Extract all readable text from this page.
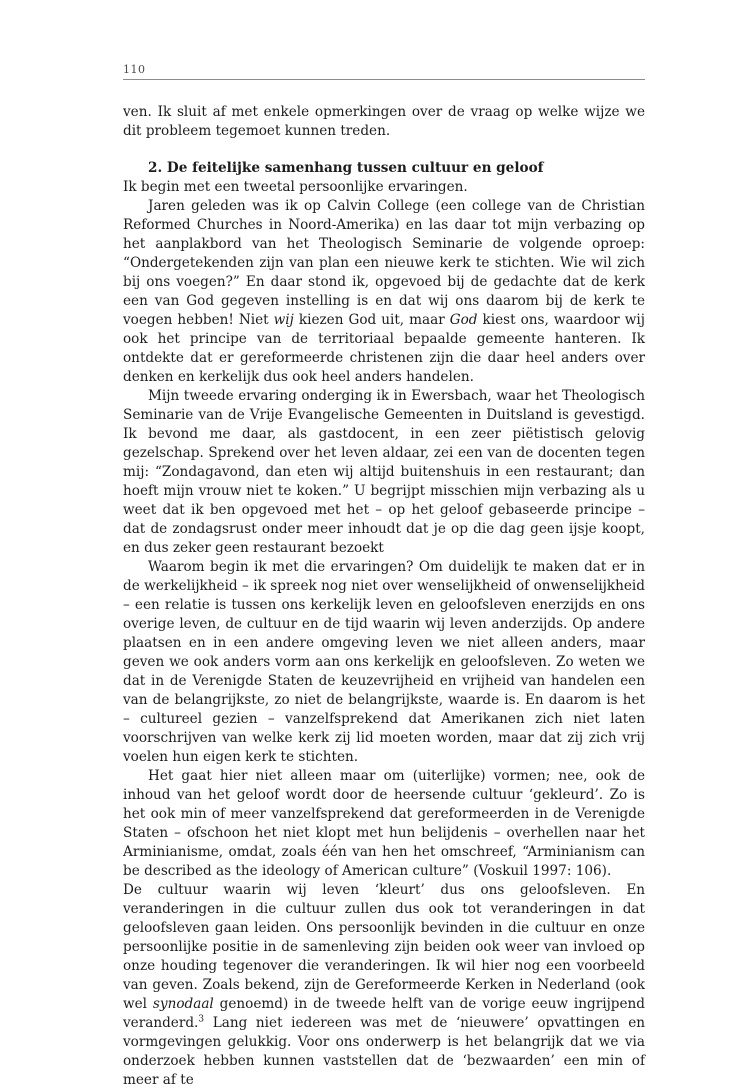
110

ven. Ik sluit af met enkele opmerkingen over de vraag op welke wijze we dit probleem tegemoet kunnen treden.

2. De feitelijke samenhang tussen cultuur en geloof

Ik begin met een tweetal persoonlijke ervaringen.

Jaren geleden was ik op Calvin College (een college van de Christian Reformed Churches in Noord-Amerika) en las daar tot mijn verbazing op het aanplakbord van het Theologisch Seminarie de volgende oproep: “Ondergetekenden zijn van plan een nieuwe kerk te stichten. Wie wil zich bij ons voegen?” En daar stond ik, opgevoed bij de gedachte dat de kerk een van God gegeven instelling is en dat wij ons daarom bij de kerk te voegen hebben! Niet wij kiezen God uit, maar God kiest ons, waardoor wij ook het principe van de territoriaal bepaalde gemeente hanteren. Ik ontdekte dat er gereformeerde christenen zijn die daar heel anders over denken en kerkelijk dus ook heel anders handelen.

Mijn tweede ervaring onderging ik in Ewersbach, waar het Theologisch Seminarie van de Vrije Evangelische Gemeenten in Duitsland is gevestigd. Ik bevond me daar, als gastdocent, in een zeer piëtistisch gelovig gezelschap. Sprekend over het leven aldaar, zei een van de docenten tegen mij: “Zondagavond, dan eten wij altijd buitenshuis in een restaurant; dan hoeft mijn vrouw niet te koken.” U begrijpt misschien mijn verbazing als u weet dat ik ben opgevoed met het – op het geloof gebaseerde principe – dat de zondagsrust onder meer inhoudt dat je op die dag geen ijsje koopt, en dus zeker geen restaurant bezoekt

Waarom begin ik met die ervaringen? Om duidelijk te maken dat er in de werkelijkheid – ik spreek nog niet over wenselijkheid of onwenselijkheid – een relatie is tussen ons kerkelijk leven en geloofsleven enerzijds en ons overige leven, de cultuur en de tijd waarin wij leven anderzijds. Op andere plaatsen en in een andere omgeving leven we niet alleen anders, maar geven we ook anders vorm aan ons kerkelijk en geloofsleven. Zo weten we dat in de Verenigde Staten de keuzevrijheid en vrijheid van handelen een van de belangrijkste, zo niet de belangrijkste, waarde is. En daarom is het – cultureel gezien – vanzelfsprekend dat Amerikanen zich niet laten voorschrijven van welke kerk zij lid moeten worden, maar dat zij zich vrij voelen hun eigen kerk te stichten.

Het gaat hier niet alleen maar om (uiterlijke) vormen; nee, ook de inhoud van het geloof wordt door de heersende cultuur ‘gekleurd’. Zo is het ook min of meer vanzelfsprekend dat gereformeerden in de Verenigde Staten – ofschoon het niet klopt met hun belijdenis – overhellen naar het Arminianisme, omdat, zoals één van hen het omschreef, “Arminianism can be described as the ideology of American culture” (Voskuil 1997: 106).

De cultuur waarin wij leven ‘kleurt’ dus ons geloofsleven. En veranderingen in die cultuur zullen dus ook tot veranderingen in dat geloofsleven gaan leiden. Ons persoonlijk bevinden in die cultuur en onze persoonlijke positie in de samenleving zijn beiden ook weer van invloed op onze houding tegenover die veranderingen. Ik wil hier nog een voorbeeld van geven. Zoals bekend, zijn de Gereformeerde Kerken in Nederland (ook wel synodaal genoemd) in de tweede helft van de vorige eeuw ingrijpend veranderd.$^3$ Lang niet iedereen was met de ‘nieuwere’ opvattingen en vormgevingen gelukkig. Voor ons onderwerp is het belangrijk dat we via onderzoek hebben kunnen vaststellen dat de ‘bezwaarden’ een min of meer af te
